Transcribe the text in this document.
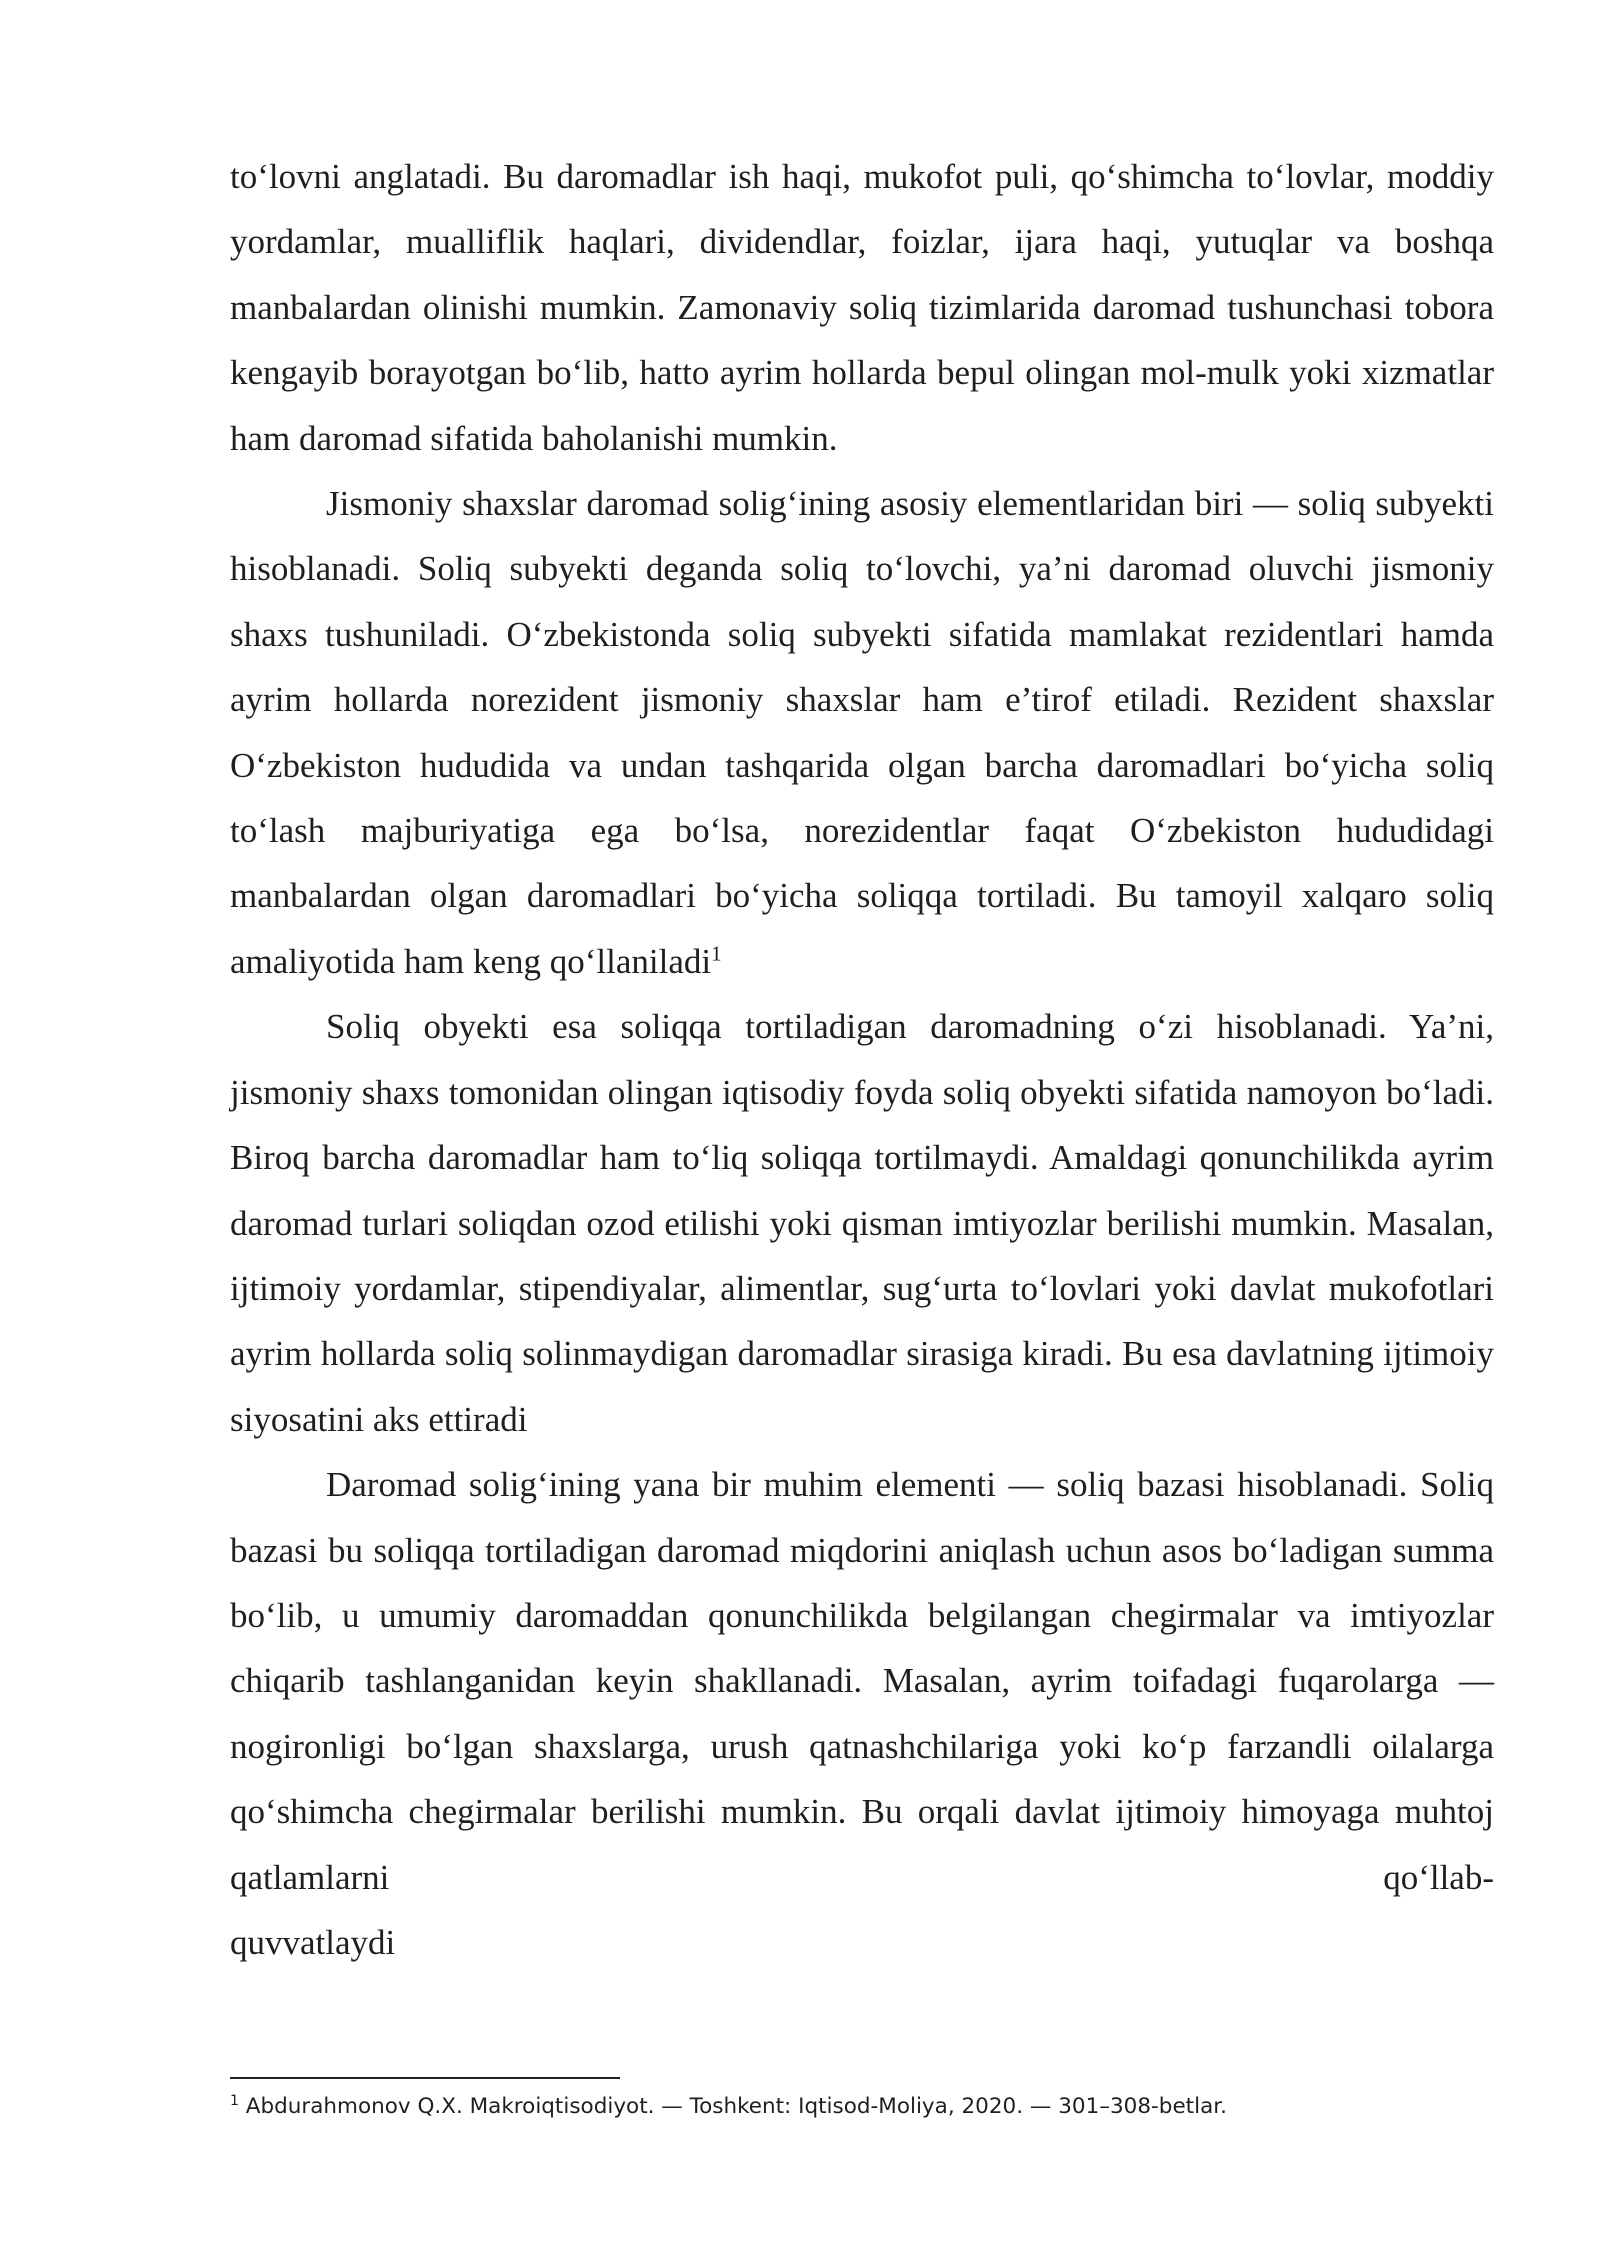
to‘lovni anglatadi. Bu daromadlar ish haqi, mukofot puli, qo‘shimcha to‘lovlar, moddiy yordamlar, mualliflik haqlari, dividendlar, foizlar, ijara haqi, yutuqlar va boshqa manbalardan olinishi mumkin. Zamonaviy soliq tizimlarida daromad tushunchasi tobora kengayib borayotgan bo‘lib, hatto ayrim hollarda bepul olingan mol-mulk yoki xizmatlar ham daromad sifatida baholanishi mumkin.

Jismoniy shaxslar daromad solig‘ining asosiy elementlaridan biri — soliq subyekti hisoblanadi. Soliq subyekti deganda soliq to‘lovchi, ya’ni daromad oluvchi jismoniy shaxs tushuniladi. O‘zbekistonda soliq subyekti sifatida mamlakat rezidentlari hamda ayrim hollarda norezident jismoniy shaxslar ham e’tirof etiladi. Rezident shaxslar O‘zbekiston hududida va undan tashqarida olgan barcha daromadlari bo‘yicha soliq to‘lash majburiyatiga ega bo‘lsa, norezidentlar faqat O‘zbekiston hududidagi manbalardan olgan daromadlari bo‘yicha soliqqa tortiladi. Bu tamoyil xalqaro soliq amaliyotida ham keng qo‘llaniladi$^1$

Soliq obyekti esa soliqqa tortiladigan daromadning o‘zi hisoblanadi. Ya’ni, jismoniy shaxs tomonidan olingan iqtisodiy foyda soliq obyekti sifatida namoyon bo‘ladi. Biroq barcha daromadlar ham to‘liq soliqqa tortilmaydi. Amaldagi qonunchilikda ayrim daromad turlari soliqdan ozod etilishi yoki qisman imtiyozlar berilishi mumkin. Masalan, ijtimoiy yordamlar, stipendiyalar, alimentlar, sug‘urta to‘lovlari yoki davlat mukofotlari ayrim hollarda soliq solinmaydigan daromadlar sirasiga kiradi. Bu esa davlatning ijtimoiy siyosatini aks ettiradi

Daromad solig‘ining yana bir muhim elementi — soliq bazasi hisoblanadi. Soliq bazasi bu soliqqa tortiladigan daromad miqdorini aniqlash uchun asos bo‘ladigan summa bo‘lib, u umumiy daromaddan qonunchilikda belgilangan chegirmalar va imtiyozlar chiqarib tashlanganidan keyin shakllanadi. Masalan, ayrim toifadagi fuqarolarga — nogironligi bo‘lgan shaxslarga, urush qatnashchilariga yoki ko‘p farzandli oilalarga qo‘shimcha chegirmalar berilishi mumkin. Bu orqali davlat ijtimoiy himoyaga muhtoj qatlamlarni qo‘llab-

quvvatlaydi

$^1$ Abdurahmonov Q.X. Makroiqtisodiyot. — Toshkent: Iqtisod-Moliya, 2020. — 301–308-betlar.
